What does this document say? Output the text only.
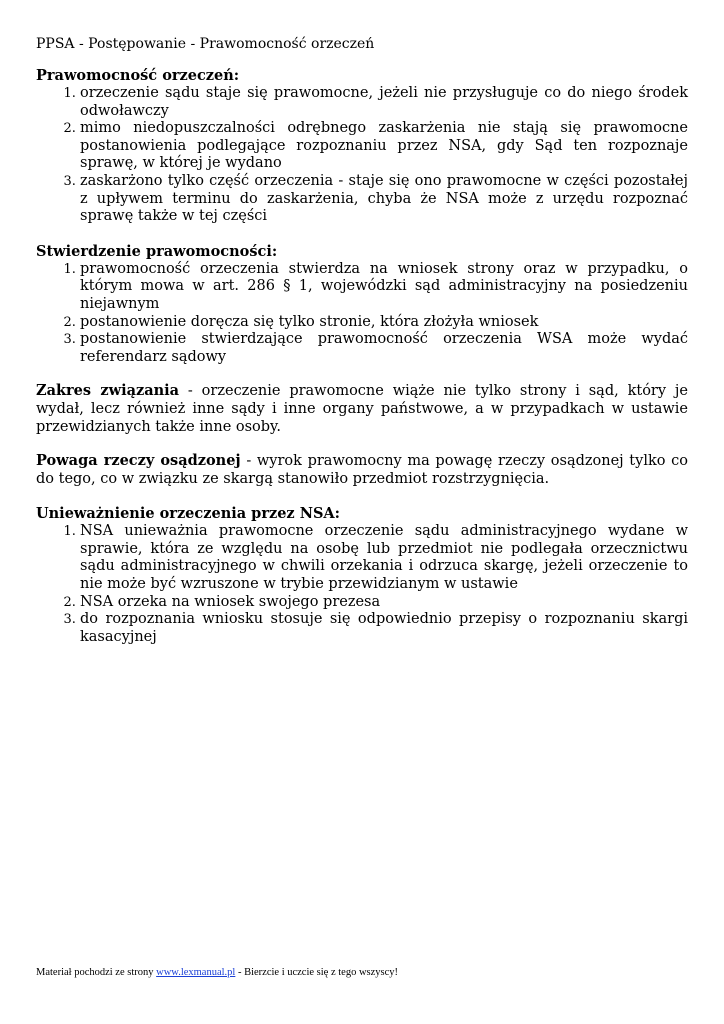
PPSA - Postępowanie - Prawomocność orzeczeń

Prawomocność orzeczeń:

1. orzeczenie sądu staje się prawomocne, jeżeli nie przysługuje co do niego środek odwoławczy
2. mimo niedopuszczalności odrębnego zaskarżenia nie stają się prawomocne postanowienia podlegające rozpoznaniu przez NSA, gdy Sąd ten rozpoznaje sprawę, w której je wydano
3. zaskarżono tylko część orzeczenia - staje się ono prawomocne w części pozostałej z upływem terminu do zaskarżenia, chyba że NSA może z urzędu rozpoznać sprawę także w tej części

Stwierdzenie prawomocności:

1. prawomocność orzeczenia stwierdza na wniosek strony oraz w przypadku, o którym mowa w art. 286 § 1, wojewódzki sąd administracyjny na posiedzeniu niejawnym
2. postanowienie doręcza się tylko stronie, która złożyła wniosek
3. postanowienie stwierdzające prawomocność orzeczenia WSA może wydać referendarz sądowy

Zakres związania - orzeczenie prawomocne wiąże nie tylko strony i sąd, który je wydał, lecz również inne sądy i inne organy państwowe, a w przypadkach w ustawie przewidzianych także inne osoby.

Powaga rzeczy osądzonej - wyrok prawomocny ma powagę rzeczy osądzonej tylko co do tego, co w związku ze skargą stanowiło przedmiot rozstrzygnięcia.

Unieważnienie orzeczenia przez NSA:

1. NSA unieważnia prawomocne orzeczenie sądu administracyjnego wydane w sprawie, która ze względu na osobę lub przedmiot nie podlegała orzecznictwu sądu administracyjnego w chwili orzekania i odrzuca skargę, jeżeli orzeczenie to nie może być wzruszone w trybie przewidzianym w ustawie
2. NSA orzeka na wniosek swojego prezesa
3. do rozpoznania wniosku stosuje się odpowiednio przepisy o rozpoznaniu skargi kasacyjnej
Materiał pochodzi ze strony www.lexmanual.pl - Bierzcie i uczcie się z tego wszyscy!
